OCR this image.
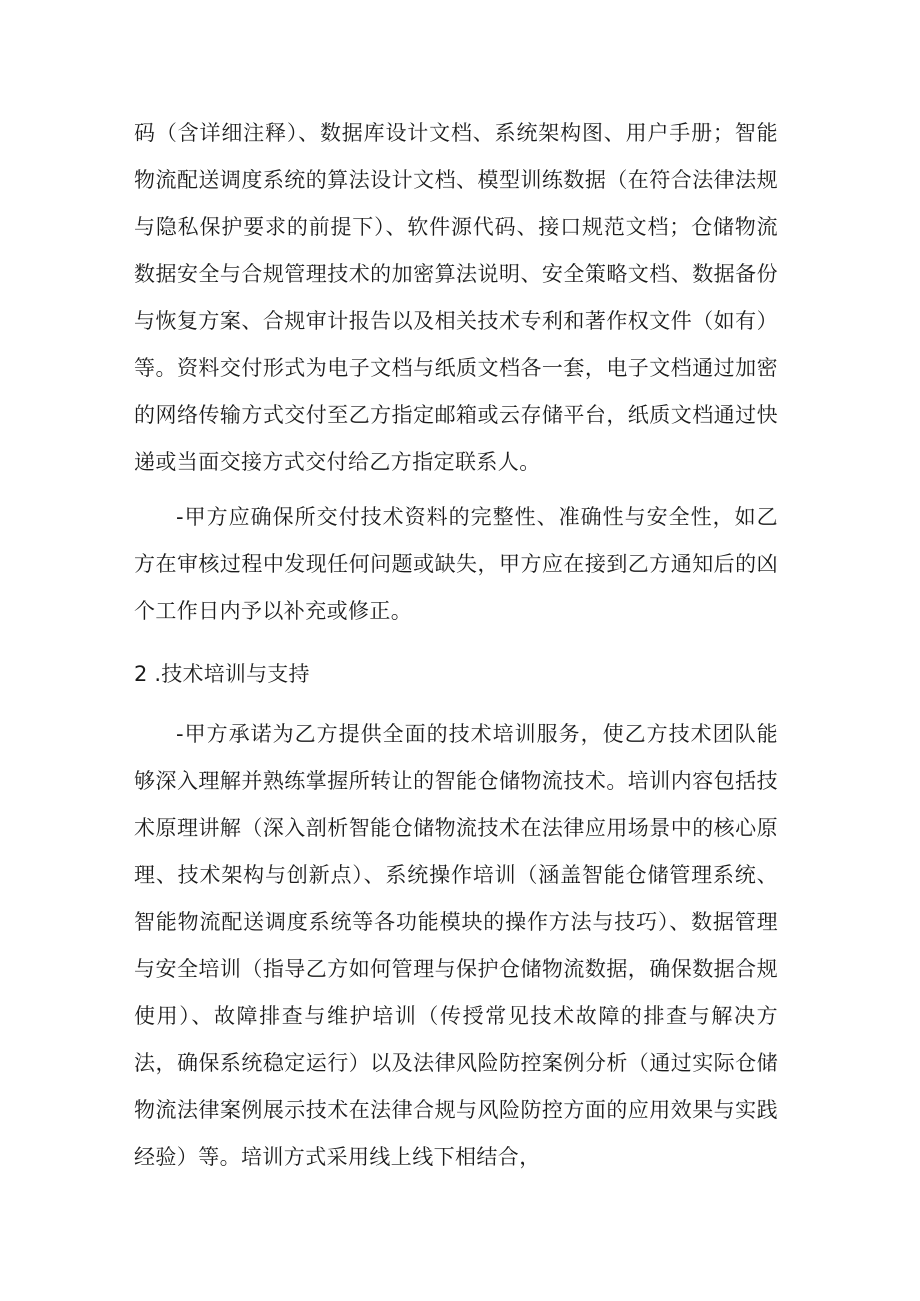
码（含详细注释）、数据库设计文档、系统架构图、用户手册；智能物流配送调度系统的算法设计文档、模型训练数据（在符合法律法规与隐私保护要求的前提下）、软件源代码、接口规范文档；仓储物流数据安全与合规管理技术的加密算法说明、安全策略文档、数据备份与恢复方案、合规审计报告以及相关技术专利和著作权文件（如有）等。资料交付形式为电子文档与纸质文档各一套，电子文档通过加密的网络传输方式交付至乙方指定邮箱或云存储平台，纸质文档通过快递或当面交接方式交付给乙方指定联系人。

-甲方应确保所交付技术资料的完整性、准确性与安全性，如乙方在审核过程中发现任何问题或缺失，甲方应在接到乙方通知后的凶个工作日内予以补充或修正。

2 .技术培训与支持

-甲方承诺为乙方提供全面的技术培训服务，使乙方技术团队能够深入理解并熟练掌握所转让的智能仓储物流技术。培训内容包括技术原理讲解（深入剖析智能仓储物流技术在法律应用场景中的核心原理、技术架构与创新点）、系统操作培训（涵盖智能仓储管理系统、智能物流配送调度系统等各功能模块的操作方法与技巧）、数据管理与安全培训（指导乙方如何管理与保护仓储物流数据，确保数据合规使用）、故障排查与维护培训（传授常见技术故障的排查与解决方法，确保系统稳定运行）以及法律风险防控案例分析（通过实际仓储物流法律案例展示技术在法律合规与风险防控方面的应用效果与实践经验）等。培训方式采用线上线下相结合，
